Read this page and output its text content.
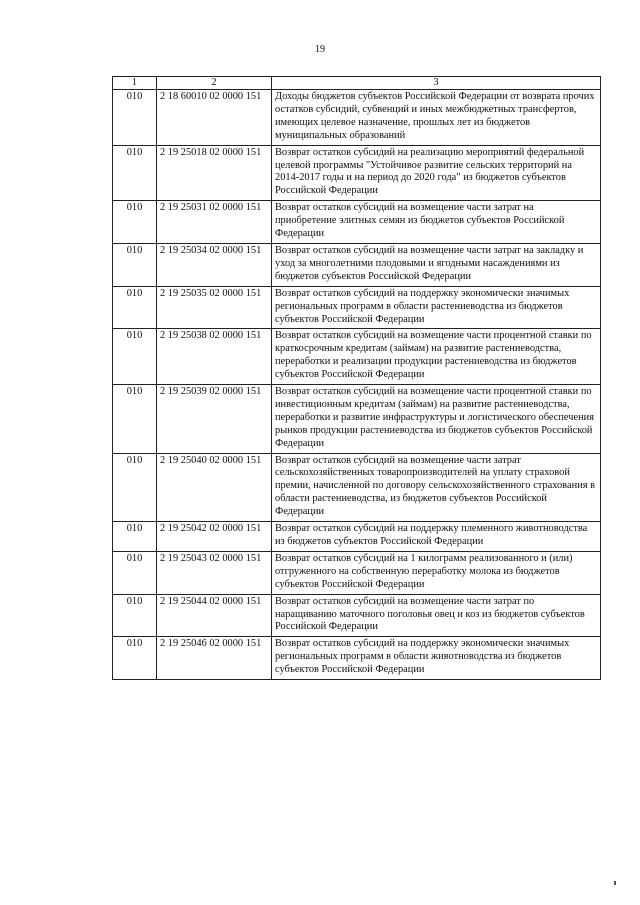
19
1	2	3
010	2 18 60010 02 0000 151	Доходы бюджетов субъектов Российской Федерации от возврата прочих остатков субсидий, субвенций и иных межбюджетных трансфертов, имеющих целевое назначение, прошлых лет из бюджетов муниципальных образований
010	2 19 25018 02 0000 151	Возврат остатков субсидий на реализацию мероприятий федеральной целевой программы "Устойчивое развитие сельских территорий на 2014-2017 годы и на период до 2020 года" из бюджетов субъектов Российской Федерации
010	2 19 25031 02 0000 151	Возврат остатков субсидий на возмещение части затрат на приобретение элитных семян из бюджетов субъектов Российской Федерации
010	2 19 25034 02 0000 151	Возврат остатков субсидий на возмещение части затрат на закладку и уход за многолетними плодовыми и ягодными насаждениями из бюджетов субъектов Российской Федерации
010	2 19 25035 02 0000 151	Возврат остатков субсидий на поддержку экономически значимых региональных программ в области растениеводства из бюджетов субъектов Российской Федерации
010	2 19 25038 02 0000 151	Возврат остатков субсидий на возмещение части процентной ставки по краткосрочным кредитам (займам) на развитие растениеводства, переработки и реализации продукции растениеводства из бюджетов субъектов Российской Федерации
010	2 19 25039 02 0000 151	Возврат остатков субсидий на возмещение части процентной ставки по инвестиционным кредитам (займам) на развитие растениеводства, переработки и развитие инфраструктуры и логистического обеспечения рынков продукции растениеводства из бюджетов субъектов Российской Федерации
010	2 19 25040 02 0000 151	Возврат остатков субсидий на возмещение части затрат сельскохозяйственных товаропроизводителей на уплату страховой премии, начисленной по договору сельскохозяйственного страхования в области растениеводства, из бюджетов субъектов Российской Федерации
010	2 19 25042 02 0000 151	Возврат остатков субсидий на поддержку племенного животноводства из бюджетов субъектов Российской Федерации
010	2 19 25043 02 0000 151	Возврат остатков субсидий на 1 килограмм реализованного и (или) отгруженного на собственную переработку молока из бюджетов субъектов Российской Федерации
010	2 19 25044 02 0000 151	Возврат остатков субсидий на возмещение части затрат по наращиванию маточного поголовья овец и коз из бюджетов субъектов Российской Федерации
010	2 19 25046 02 0000 151	Возврат остатков субсидий на поддержку экономически значимых региональных программ в области животноводства из бюджетов субъектов Российской Федерации
